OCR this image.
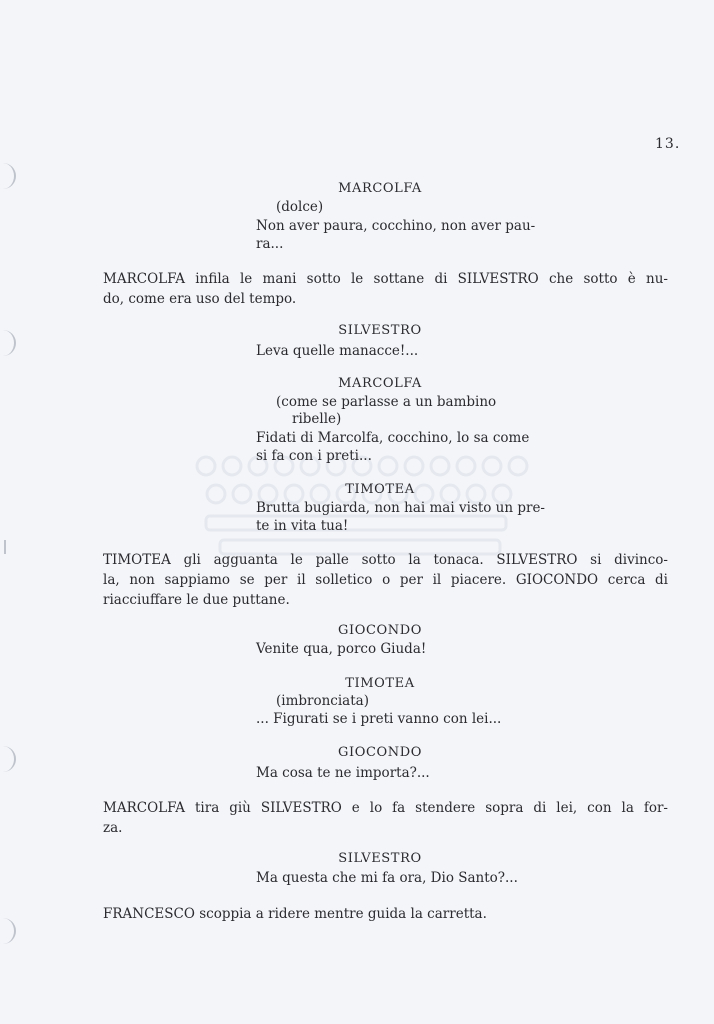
13.
MARCOLFA
(dolce)
Non aver paura, cocchino, non aver pau-
ra...
MARCOLFA infila le mani sotto le sottane di SILVESTRO che sotto è nu-
do, come era uso del tempo.
SILVESTRO
Leva quelle manacce!...
MARCOLFA
(come se parlasse a un bambino
ribelle)
Fidati di Marcolfa, cocchino, lo sa come
si fa con i preti...
TIMOTEA
Brutta bugiarda, non hai mai visto un pre-
te in vita tua!
TIMOTEA gli agguanta le palle sotto la tonaca. SILVESTRO si divinco-
la, non sappiamo se per il solletico o per il piacere. GIOCONDO cerca di
riacciuffare le due puttane.
GIOCONDO
Venite qua, porco Giuda!
TIMOTEA
(imbronciata)
... Figurati se i preti vanno con lei...
GIOCONDO
Ma cosa te ne importa?...
MARCOLFA tira giù SILVESTRO e lo fa stendere sopra di lei, con la for-
za.
SILVESTRO
Ma questa che mi fa ora, Dio Santo?...
FRANCESCO scoppia a ridere mentre guida la carretta.
